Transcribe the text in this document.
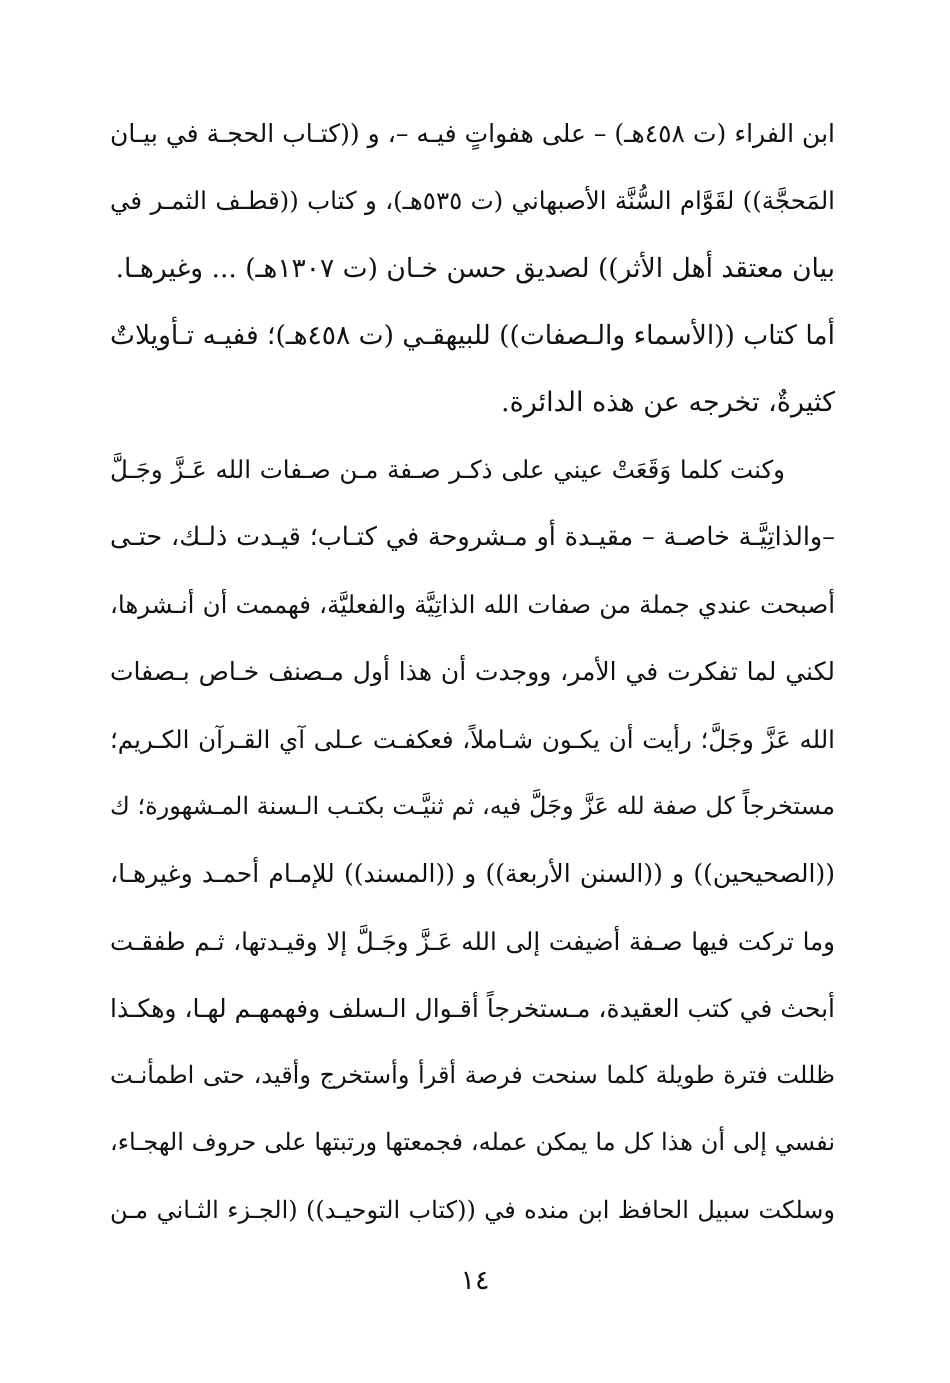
ابن الفراء (ت ٤٥٨هـ) – على هفواتٍ فيـه –، و ((كتـاب الحجـة في بيـان
المَحجَّة)) لقَوَّام السُّنَّة الأصبهاني (ت ٥٣٥هـ)، و كتاب ((قطـف الثمـر في
بيان معتقد أهل الأثر)) لصديق حسن خـان (ت ١٣٠٧هـ) ... وغيرهـا.
أما كتاب ((الأسماء والـصفات)) للبيهقـي (ت ٤٥٨هـ)؛ ففيـه تـأويلاتٌ
كثيرةٌ، تخرجه عن هذه الدائرة.
وكنت كلما وَقَعَتْ عيني على ذكـر صـفة مـن صـفات الله عَـزَّ وجَـلَّ
–والذاتِيَّـة خاصـة – مقيـدة أو مـشروحة في كتـاب؛ قيـدت ذلـك، حتـى
أصبحت عندي جملة من صفات الله الذاتِيَّة والفعليَّة، فهممت أن أنـشرها،
لكني لما تفكرت في الأمر، ووجدت أن هذا أول مـصنف خـاص بـصفات
الله عَزَّ وجَلَّ؛ رأيت أن يكـون شـاملاً، فعكفـت عـلى آي القـرآن الكـريم؛
مستخرجاً كل صفة لله عَزَّ وجَلَّ فيه، ثم ثنيَّـت بكتـب الـسنة المـشهورة؛ ك
((الصحيحين)) و ((السنن الأربعة)) و ((المسند)) للإمـام أحمـد وغيرهـا،
وما تركت فيها صـفة أضيفت إلى الله عَـزَّ وجَـلَّ إلا وقيـدتها، ثـم طفقـت
أبحث في كتب العقيدة، مـستخرجاً أقـوال الـسلف وفهمهـم لهـا، وهكـذا
ظللت فترة طويلة كلما سنحت فرصة أقرأ وأستخرج وأقيد، حتى اطمأنـت
نفسي إلى أن هذا كل ما يمكن عمله، فجمعتها ورتبتها على حروف الهجـاء،
وسلكت سبيل الحافظ ابن منده في ((كتاب التوحيـد)) (الجـزء الثـاني مـن
١٤
